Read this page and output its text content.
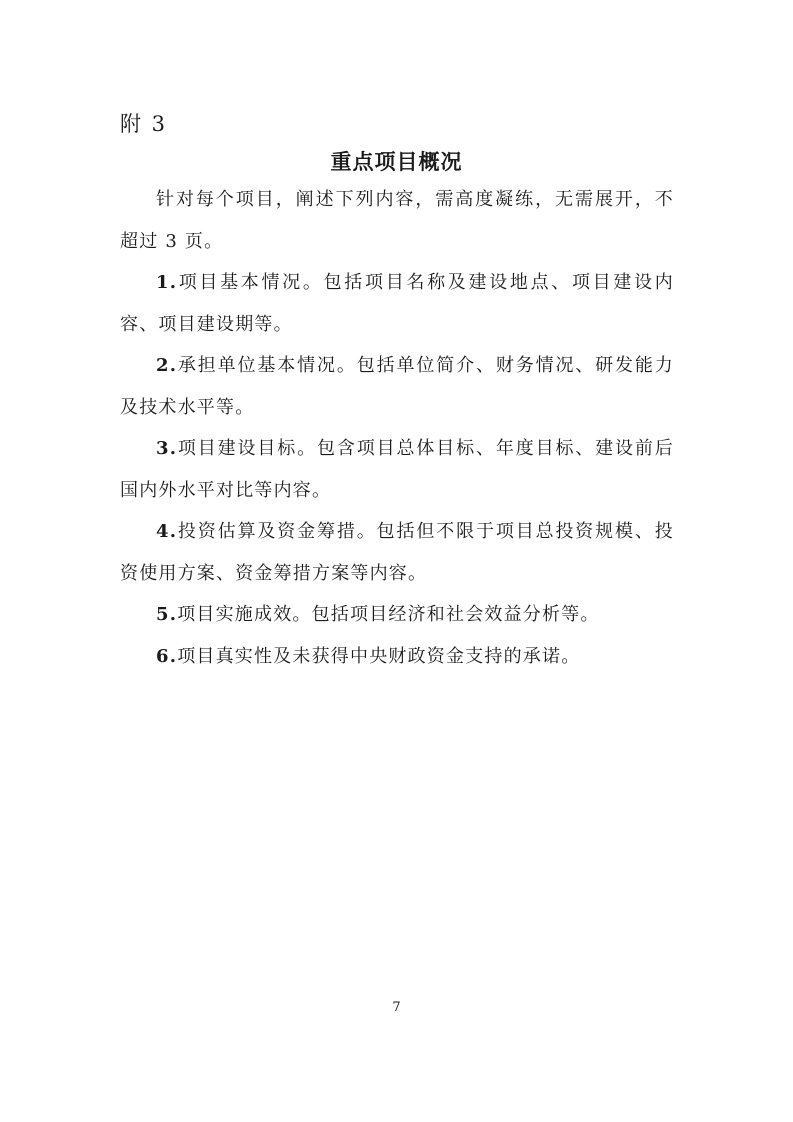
附 3
重点项目概况

针对每个项目，阐述下列内容，需高度凝练，无需展开，不超过 3 页。

1.项目基本情况。包括项目名称及建设地点、项目建设内容、项目建设期等。

2.承担单位基本情况。包括单位简介、财务情况、研发能力及技术水平等。

3.项目建设目标。包含项目总体目标、年度目标、建设前后国内外水平对比等内容。

4.投资估算及资金筹措。包括但不限于项目总投资规模、投资使用方案、资金筹措方案等内容。

5.项目实施成效。包括项目经济和社会效益分析等。

6.项目真实性及未获得中央财政资金支持的承诺。

7
